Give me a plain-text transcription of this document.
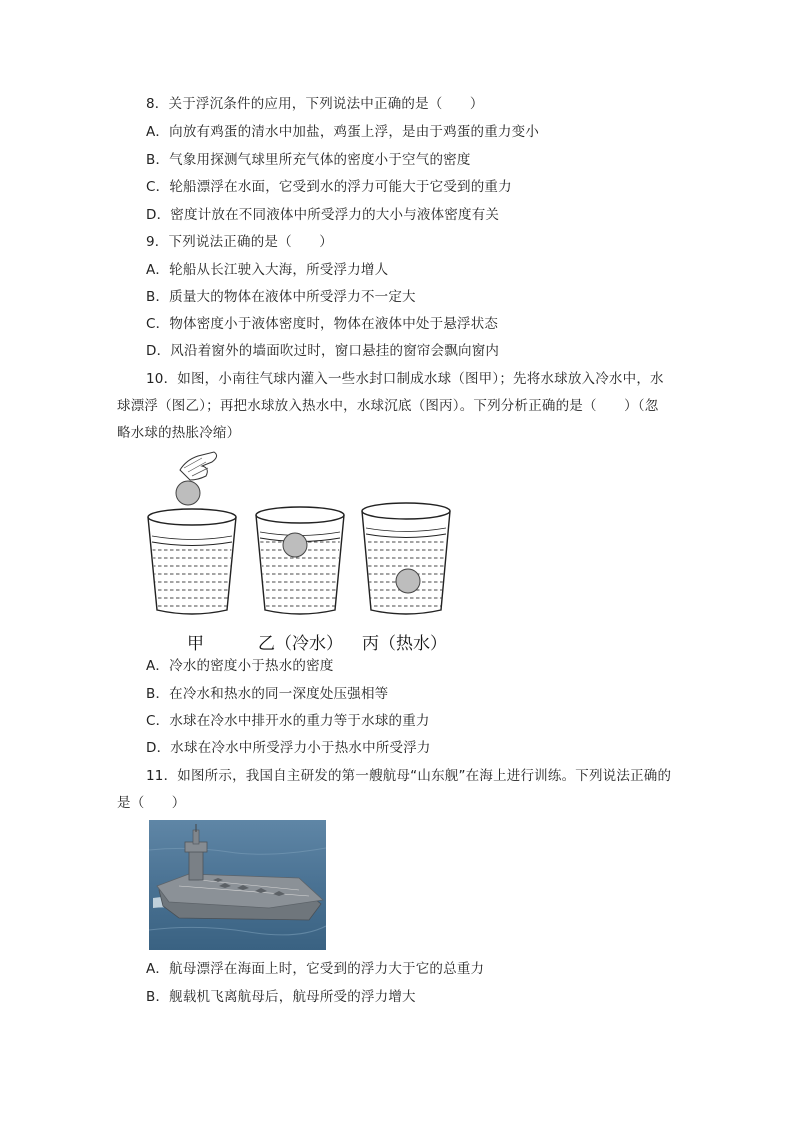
8．关于浮沉条件的应用，下列说法中正确的是（　　）
A．向放有鸡蛋的清水中加盐，鸡蛋上浮，是由于鸡蛋的重力变小
B．气象用探测气球里所充气体的密度小于空气的密度
C．轮船漂浮在水面，它受到水的浮力可能大于它受到的重力
D．密度计放在不同液体中所受浮力的大小与液体密度有关
9．下列说法正确的是（　　）
A．轮船从长江驶入大海，所受浮力增人
B．质量大的物体在液体中所受浮力不一定大
C．物体密度小于液体密度时，物体在液体中处于悬浮状态
D．风沿着窗外的墙面吹过时，窗口悬挂的窗帘会飘向窗内
10．如图，小南往气球内灌入一些水封口制成水球（图甲）；先将水球放入冷水中，水
球漂浮（图乙）；再把水球放入热水中，水球沉底（图丙）。下列分析正确的是（　　）（忽
略水球的热胀冷缩）
甲	乙（冷水） 丙（热水）
A．冷水的密度小于热水的密度
B．在冷水和热水的同一深度处压强相等
C．水球在冷水中排开水的重力等于水球的重力
D．水球在冷水中所受浮力小于热水中所受浮力
11．如图所示，我国自主研发的第一艘航母“山东舰”在海上进行训练。下列说法正确的
是（　　）
A．航母漂浮在海面上时，它受到的浮力大于它的总重力
B．舰载机飞离航母后，航母所受的浮力增大
